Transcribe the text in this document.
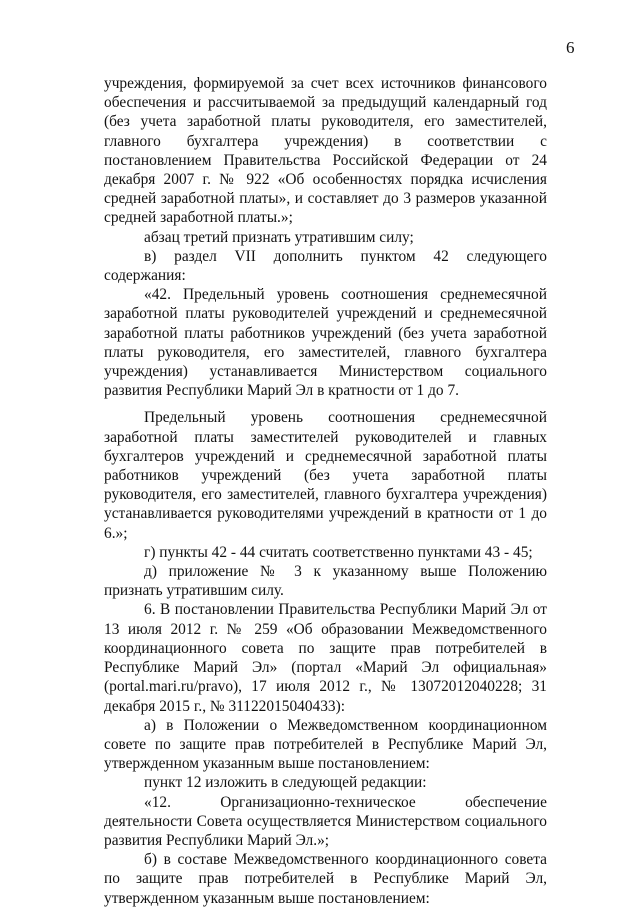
6

учреждения, формируемой за счет всех источников финансового обеспечения и рассчитываемой за предыдущий календарный год (без учета заработной платы руководителя, его заместителей, главного бухгалтера учреждения) в соответствии с постановлением Правительства Российской Федерации от 24 декабря 2007 г. № 922 «Об особенностях порядка исчисления средней заработной платы», и составляет до 3 размеров указанной средней заработной платы.»;

абзац третий признать утратившим силу;

в) раздел VII дополнить пунктом 42 следующего содержания:

«42. Предельный уровень соотношения среднемесячной заработной платы руководителей учреждений и среднемесячной заработной платы работников учреждений (без учета заработной платы руководителя, его заместителей, главного бухгалтера учреждения) устанавливается Министерством социального развития Республики Марий Эл в кратности от 1 до 7.

Предельный уровень соотношения среднемесячной заработной платы заместителей руководителей и главных бухгалтеров учреждений и среднемесячной заработной платы работников учреждений (без учета заработной платы руководителя, его заместителей, главного бухгалтера учреждения) устанавливается руководителями учреждений в кратности от 1 до 6.»;

г) пункты 42 - 44 считать соответственно пунктами 43 - 45;

д) приложение № 3 к указанному выше Положению признать утратившим силу.

6. В постановлении Правительства Республики Марий Эл от 13 июля 2012 г. № 259 «Об образовании Межведомственного координационного совета по защите прав потребителей в Республике Марий Эл» (портал «Марий Эл официальная» (portal.mari.ru/pravo), 17 июля 2012 г., № 13072012040228; 31 декабря 2015 г., № 31122015040433):

а) в Положении о Межведомственном координационном совете по защите прав потребителей в Республике Марий Эл, утвержденном указанным выше постановлением:

пункт 12 изложить в следующей редакции:

«12. Организационно-техническое обеспечение деятельности Совета осуществляется Министерством социального развития Республики Марий Эл.»;

б) в составе Межведомственного координационного совета по защите прав потребителей в Республике Марий Эл, утвержденном указанным выше постановлением:
